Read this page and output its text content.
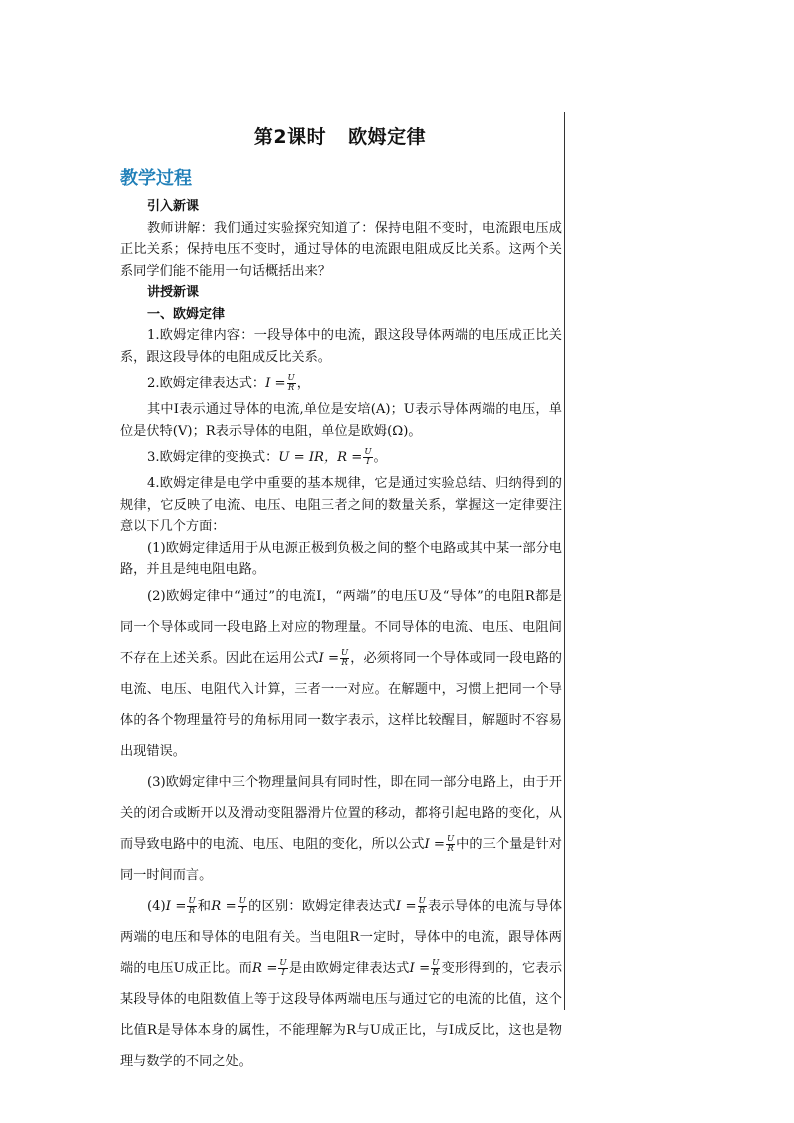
第2课时 欧姆定律
教学过程

引入新课

教师讲解：我们通过实验探究知道了：保持电阻不变时，电流跟电压成正比关系；保持电压不变时，通过导体的电流跟电阻成反比关系。这两个关系同学们能不能用一句话概括出来？

讲授新课

一、欧姆定律

1.欧姆定律内容：一段导体中的电流，跟这段导体两端的电压成正比关系，跟这段导体的电阻成反比关系。

2.欧姆定律表达式：$I = \frac{U}{R}$ ，

其中I表示通过导体的电流,单位是安培(A)；U表示导体两端的电压，单位是伏特(V)；R表示导体的电阻，单位是欧姆(Ω)。

3.欧姆定律的变换式：U = IR，$R = \frac{U}{I}$ 。

4.欧姆定律是电学中重要的基本规律，它是通过实验总结、归纳得到的规律，它反映了电流、电压、电阻三者之间的数量关系，掌握这一定律要注意以下几个方面：

(1)欧姆定律适用于从电源正极到负极之间的整个电路或其中某一部分电路，并且是纯电阻电路。

(2)欧姆定律中“通过”的电流I，“两端”的电压U及“导体”的电阻R都是同一个导体或同一段电路上对应的物理量。不同导体的电流、电压、电阻间不存在上述关系。因此在运用公式$I = \frac{U}{R}$ ，必须将同一个导体或同一段电路的电流、电压、电阻代入计算，三者一一对应。在解题中，习惯上把同一个导体的各个物理量符号的角标用同一数字表示，这样比较醒目，解题时不容易出现错误。

(3)欧姆定律中三个物理量间具有同时性，即在同一部分电路上，由于开关的闭合或断开以及滑动变阻器滑片位置的移动，都将引起电路的变化，从而导致电路中的电流、电压、电阻的变化，所以公式$I = \frac{U}{R}$ 中的三个量是针对同一时间而言。

$(4)I = \frac{U}{R}$ 和$R = \frac{U}{I}$ 的区别：欧姆定律表达式$I = \frac{U}{R}$ 表示导体的电流与导体两端的电压和导体的电阻有关。当电阻R一定时，导体中的电流，跟导体两端的电压U成正比。而$R = \frac{U}{I}$ 是由欧姆定律表达式$I = \frac{U}{R}$ 变形得到的，它表示某段导体的电阻数值上等于这段导体两端电压与通过它的电流的比值，这个比值R是导体本身的属性，不能理解为R与U成正比，与I成反比，这也是物理与数学的不同之处。
